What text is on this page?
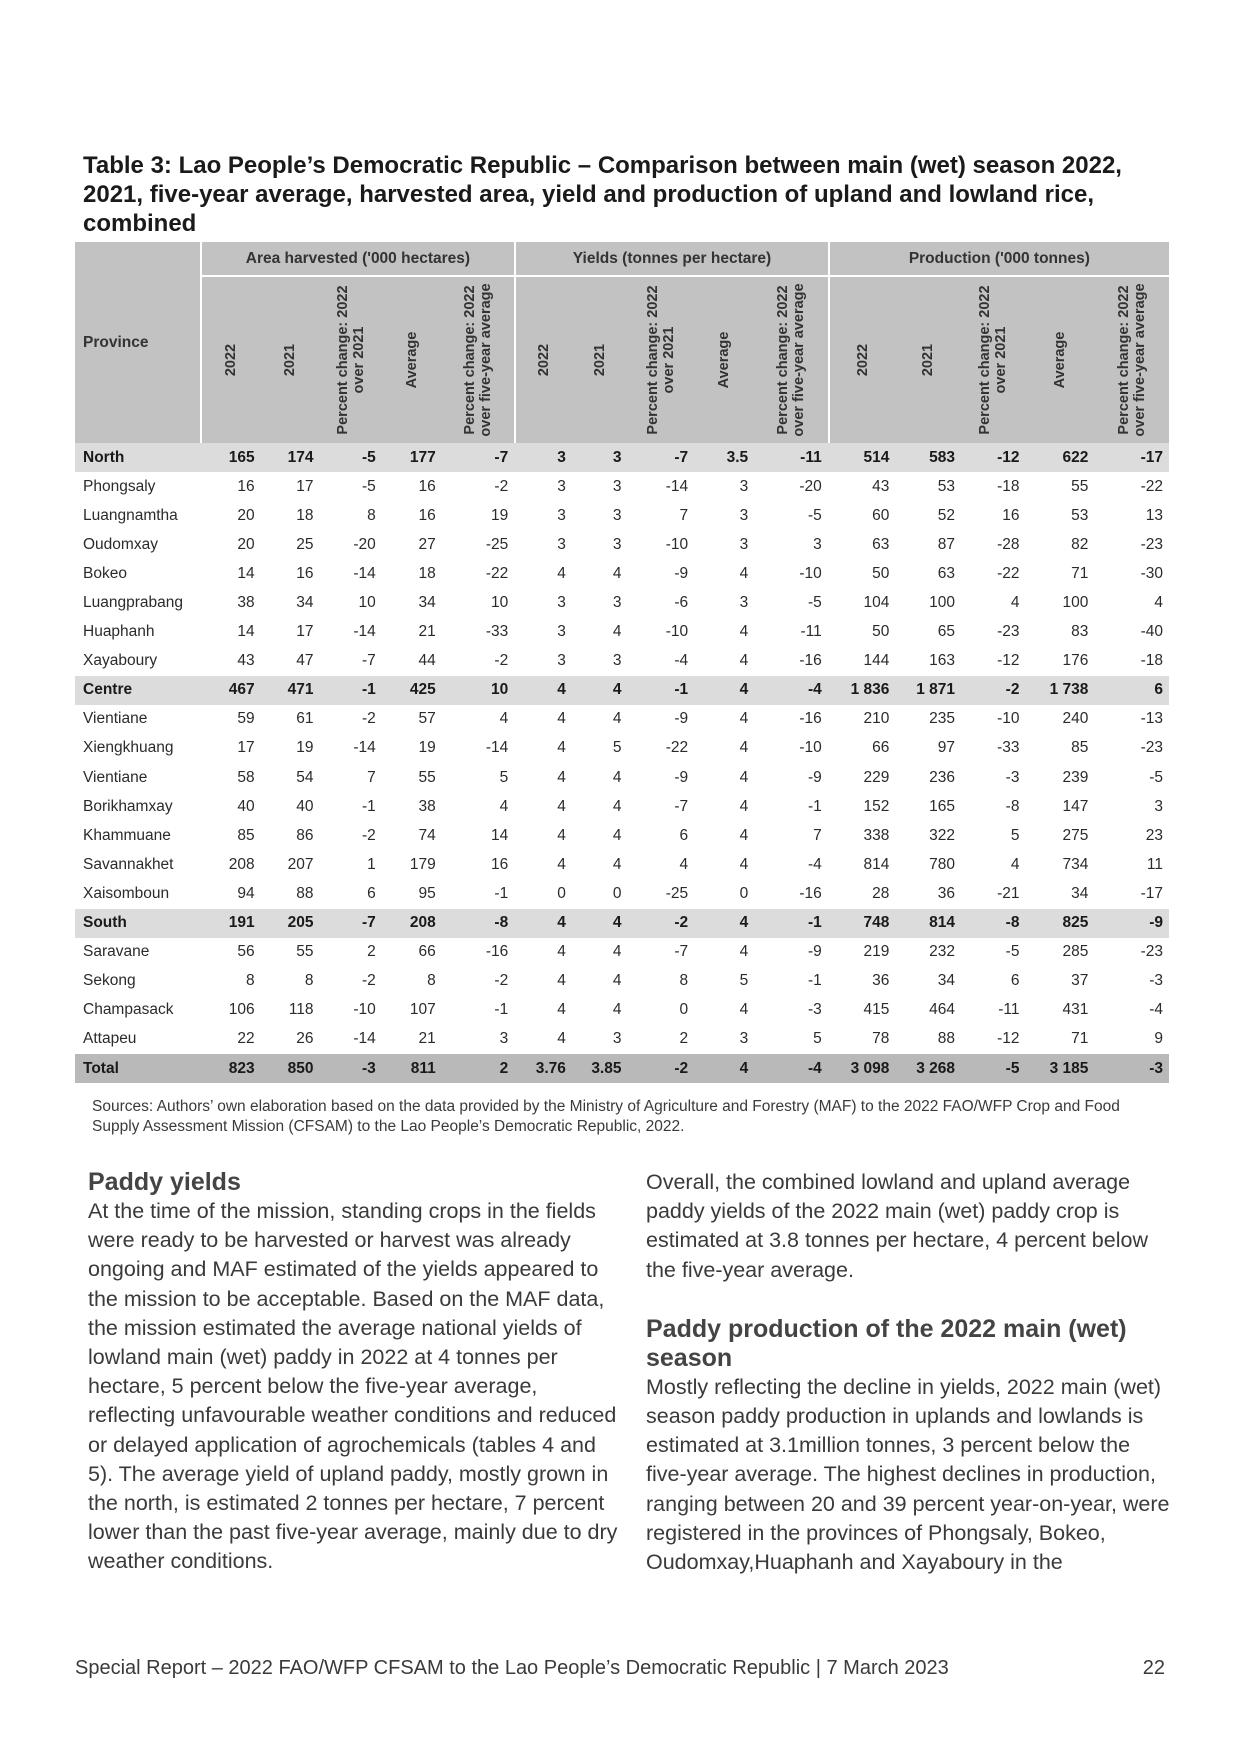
Table 3: Lao People’s Democratic Republic – Comparison between main (wet) season 2022, 2021, five-year average, harvested area, yield and production of upland and lowland rice, combined
Province	Area harvested ('000 hectares)					Yields (tonnes per hectare)					Production ('000 tonnes)				

	2022	2021	Percent change: 2022 over 2021	Average	Percent change: 2022 over five-year average	2022	2021	Percent change: 2022 over 2021	Average	Percent change: 2022 over five-year average	2022	2021	Percent change: 2022 over 2021	Average	Percent change: 2022 over five-year average

North	165	174	-5	177	-7	3	3	-7	3.5	-11	514	583	-12	622	-17
Phongsaly	16	17	-5	16	-2	3	3	-14	3	-20	43	53	-18	55	-22
Luangnamtha	20	18	8	16	19	3	3	7	3	-5	60	52	16	53	13
Oudomxay	20	25	-20	27	-25	3	3	-10	3	3	63	87	-28	82	-23
Bokeo	14	16	-14	18	-22	4	4	-9	4	-10	50	63	-22	71	-30
Luangprabang	38	34	10	34	10	3	3	-6	3	-5	104	100	4	100	4
Huaphanh	14	17	-14	21	-33	3	4	-10	4	-11	50	65	-23	83	-40
Xayaboury	43	47	-7	44	-2	3	3	-4	4	-16	144	163	-12	176	-18
Centre	467	471	-1	425	10	4	4	-1	4	-4	1 836	1 871	-2	1 738	6
Vientiane	59	61	-2	57	4	4	4	-9	4	-16	210	235	-10	240	-13
Xiengkhuang	17	19	-14	19	-14	4	5	-22	4	-10	66	97	-33	85	-23
Vientiane	58	54	7	55	5	4	4	-9	4	-9	229	236	-3	239	-5
Borikhamxay	40	40	-1	38	4	4	4	-7	4	-1	152	165	-8	147	3
Khammuane	85	86	-2	74	14	4	4	6	4	7	338	322	5	275	23
Savannakhet	208	207	1	179	16	4	4	4	4	-4	814	780	4	734	11
Xaisomboun	94	88	6	95	-1	0	0	-25	0	-16	28	36	-21	34	-17
South	191	205	-7	208	-8	4	4	-2	4	-1	748	814	-8	825	-9
Saravane	56	55	2	66	-16	4	4	-7	4	-9	219	232	-5	285	-23
Sekong	8	8	-2	8	-2	4	4	8	5	-1	36	34	6	37	-3
Champasack	106	118	-10	107	-1	4	4	0	4	-3	415	464	-11	431	-4
Attapeu	22	26	-14	21	3	4	3	2	3	5	78	88	-12	71	9
Total	823	850	-3	811	2	3.76	3.85	-2	4	-4	3 098	3 268	-5	3 185	-3

Sources: Authors’ own elaboration based on the data provided by the Ministry of Agriculture and Forestry (MAF) to the 2022 FAO/WFP Crop and Food Supply Assessment Mission (CFSAM) to the Lao People’s Democratic Republic, 2022.

Paddy yields

At the time of the mission, standing crops in the fields were ready to be harvested or harvest was already ongoing and MAF estimated of the yields appeared to the mission to be acceptable. Based on the MAF data, the mission estimated the average national yields of lowland main (wet) paddy in 2022 at 4 tonnes per hectare, 5 percent below the five-year average, reflecting unfavourable weather conditions and reduced or delayed application of agrochemicals (tables 4 and 5). The average yield of upland paddy, mostly grown in the north, is estimated 2 tonnes per hectare, 7 percent lower than the past five-year average, mainly due to dry weather conditions.

Overall, the combined lowland and upland average paddy yields of the 2022 main (wet) paddy crop is estimated at 3.8 tonnes per hectare, 4 percent below the five-year average.

Paddy production of the 2022 main (wet) season

Mostly reflecting the decline in yields, 2022 main (wet) season paddy production in uplands and lowlands is estimated at 3.1million tonnes, 3 percent below the five-year average. The highest declines in production, ranging between 20 and 39 percent year-on-year, were registered in the provinces of Phongsaly, Bokeo, Oudomxay,Huaphanh and Xayaboury in the

Special Report – 2022 FAO/WFP CFSAM to the Lao People’s Democratic Republic | 7 March 2023	22
